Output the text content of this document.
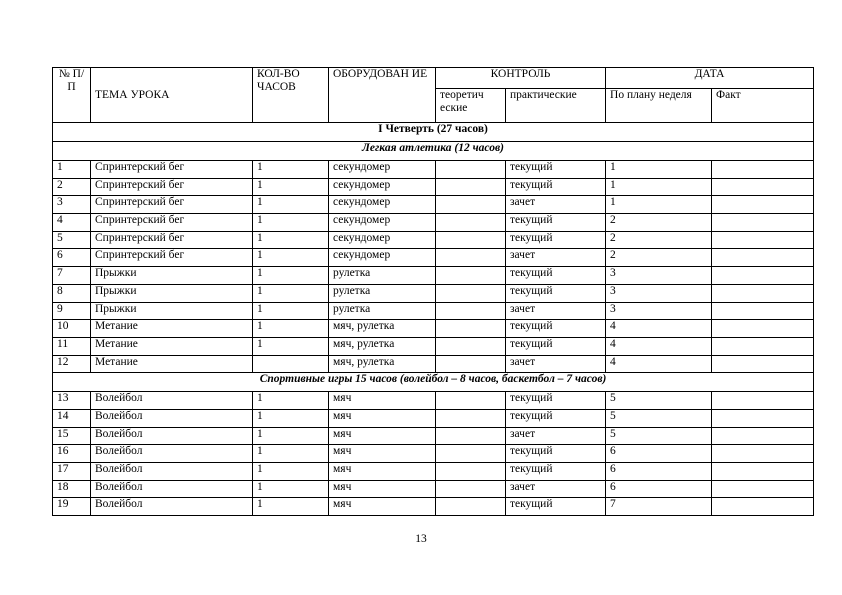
№ П/П	ТЕМА УРОКА	КОЛ-ВО ЧАСОВ	ОБОРУДОВАН ИЕ	КОНТРОЛЬ		ДАТА	
				теоретич еские	практические	По плану неделя	Факт
I Четверть (27 часов)							
Легкая атлетика (12 часов)							
1	Спринтерский бег	1	секундомер		текущий	1	
2	Спринтерский бег	1	секундомер		текущий	1	
3	Спринтерский бег	1	секундомер		зачет	1	
4	Спринтерский бег	1	секундомер		текущий	2	
5	Спринтерский бег	1	секундомер		текущий	2	
6	Спринтерский бег	1	секундомер		зачет	2	
7	Прыжки	1	рулетка		текущий	3	
8	Прыжки	1	рулетка		текущий	3	
9	Прыжки	1	рулетка		зачет	3	
10	Метание	1	мяч, рулетка		текущий	4	
11	Метание	1	мяч, рулетка		текущий	4	
12	Метание		мяч, рулетка		зачет	4	
Спортивные игры 15 часов (волейбол – 8 часов, баскетбол – 7 часов)							
13	Волейбол	1	мяч		текущий	5	
14	Волейбол	1	мяч		текущий	5	
15	Волейбол	1	мяч		зачет	5	
16	Волейбол	1	мяч		текущий	6	
17	Волейбол	1	мяч		текущий	6	
18	Волейбол	1	мяч		зачет	6	
19	Волейбол	1	мяч		текущий	7	
13
